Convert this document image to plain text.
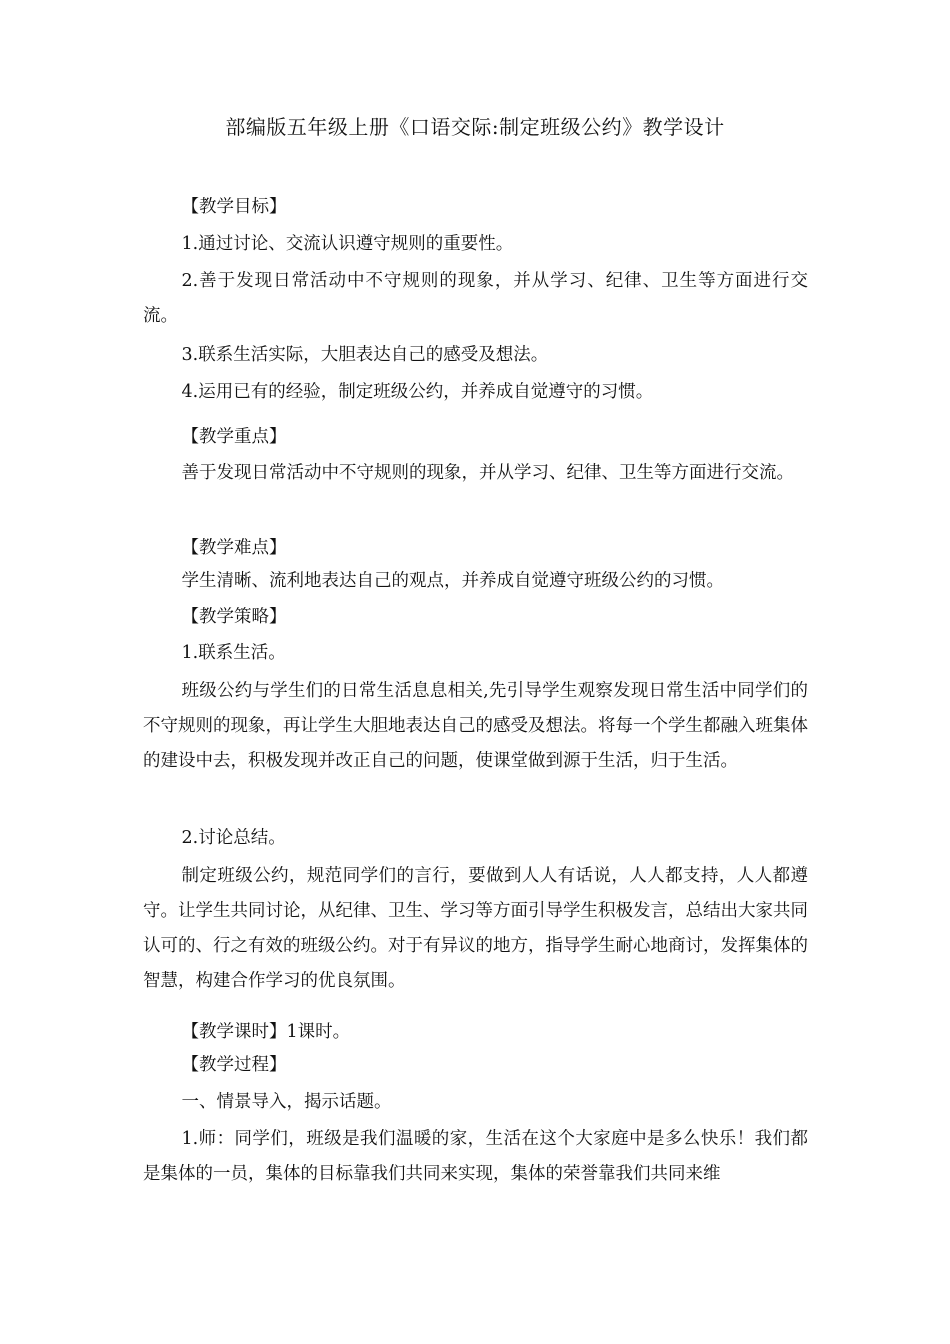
部编版五年级上册《口语交际:制定班级公约》教学设计
【教学目标】
1.通过讨论、交流认识遵守规则的重要性。
2.善于发现日常活动中不守规则的现象，并从学习、纪律、卫生等方面进行交流。
3.联系生活实际，大胆表达自己的感受及想法。
4.运用已有的经验，制定班级公约，并养成自觉遵守的习惯。
【教学重点】
善于发现日常活动中不守规则的现象，并从学习、纪律、卫生等方面进行交流。
【教学难点】
学生清晰、流利地表达自己的观点，并养成自觉遵守班级公约的习惯。
【教学策略】
1.联系生活。
班级公约与学生们的日常生活息息相关,先引导学生观察发现日常生活中同学们的不守规则的现象，再让学生大胆地表达自己的感受及想法。将每一个学生都融入班集体的建设中去，积极发现并改正自己的问题，使课堂做到源于生活，归于生活。
2.讨论总结。
制定班级公约，规范同学们的言行，要做到人人有话说，人人都支持，人人都遵守。让学生共同讨论，从纪律、卫生、学习等方面引导学生积极发言，总结出大家共同认可的、行之有效的班级公约。对于有异议的地方，指导学生耐心地商讨，发挥集体的智慧，构建合作学习的优良氛围。
【教学课时】1课时。
【教学过程】
一、情景导入，揭示话题。
1.师：同学们，班级是我们温暖的家，生活在这个大家庭中是多么快乐！我们都是集体的一员，集体的目标靠我们共同来实现，集体的荣誉靠我们共同来维
